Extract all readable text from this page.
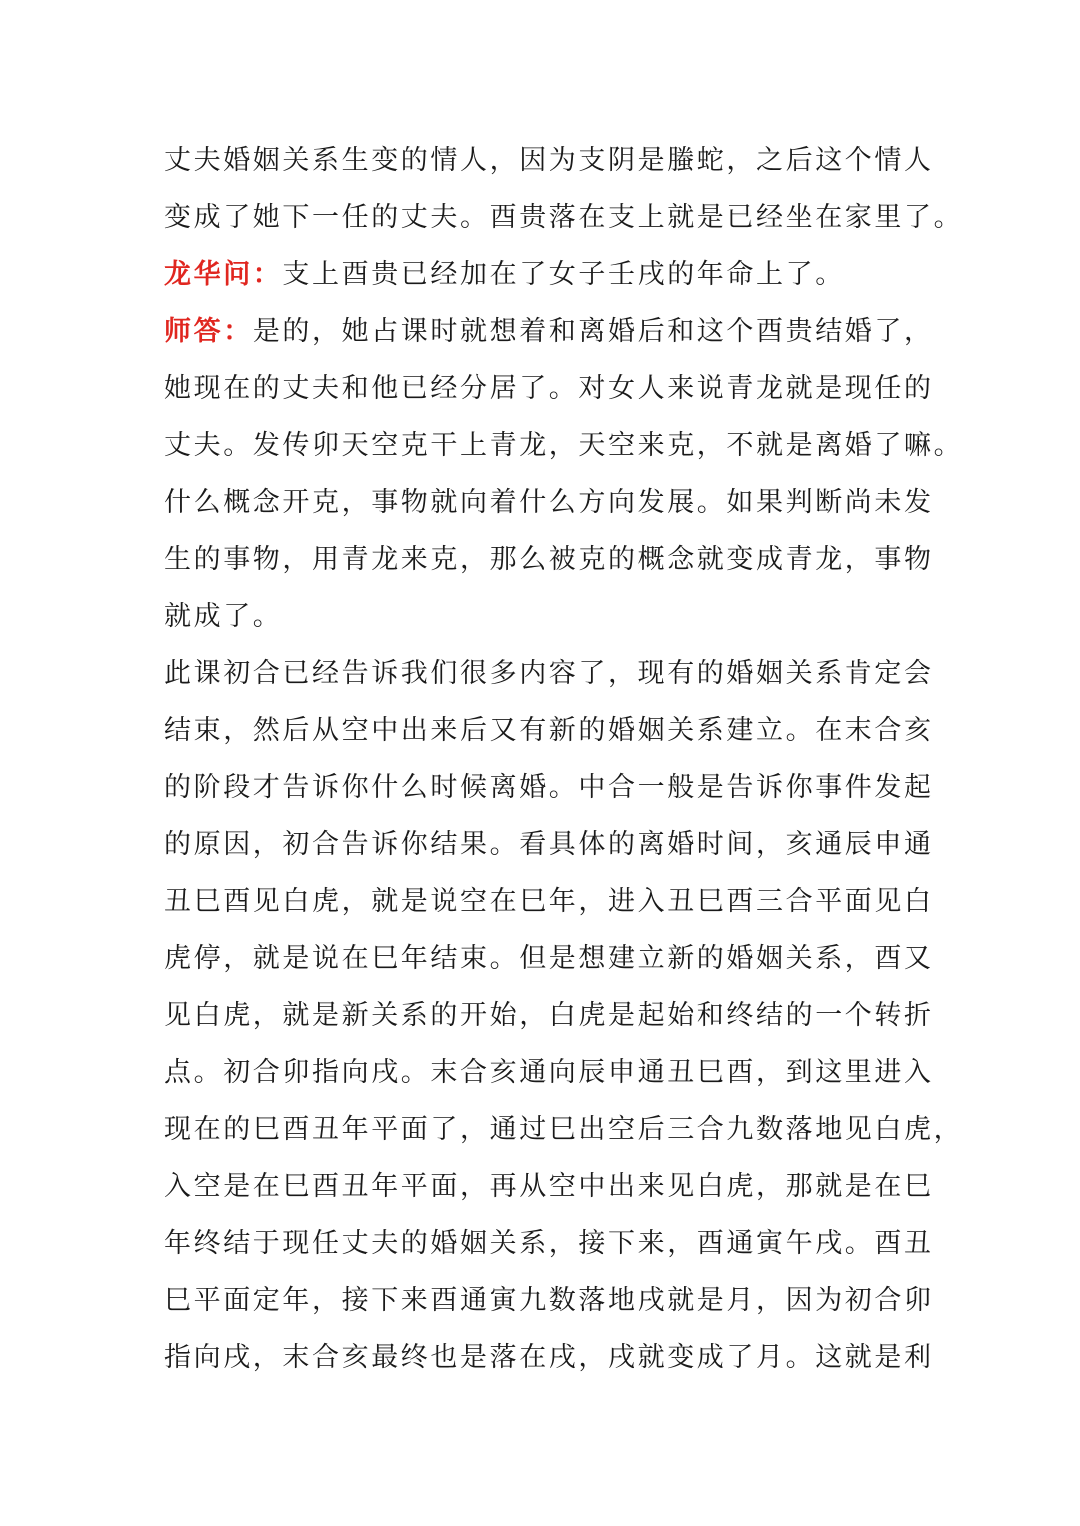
丈夫婚姻关系生变的情人，因为支阴是螣蛇，之后这个情人
变成了她下一任的丈夫。酉贵落在支上就是已经坐在家里了。
龙华问：支上酉贵已经加在了女子壬戌的年命上了。
师答：是的，她占课时就想着和离婚后和这个酉贵结婚了，
她现在的丈夫和他已经分居了。对女人来说青龙就是现任的
丈夫。发传卯天空克干上青龙，天空来克，不就是离婚了嘛。
什么概念开克，事物就向着什么方向发展。如果判断尚未发
生的事物，用青龙来克，那么被克的概念就变成青龙，事物
就成了。
此课初合已经告诉我们很多内容了，现有的婚姻关系肯定会
结束，然后从空中出来后又有新的婚姻关系建立。在末合亥
的阶段才告诉你什么时候离婚。中合一般是告诉你事件发起
的原因，初合告诉你结果。看具体的离婚时间，亥通辰申通
丑巳酉见白虎，就是说空在巳年，进入丑巳酉三合平面见白
虎停，就是说在巳年结束。但是想建立新的婚姻关系，酉又
见白虎，就是新关系的开始，白虎是起始和终结的一个转折
点。初合卯指向戌。末合亥通向辰申通丑巳酉，到这里进入
现在的巳酉丑年平面了，通过巳出空后三合九数落地见白虎，
入空是在巳酉丑年平面，再从空中出来见白虎，那就是在巳
年终结于现任丈夫的婚姻关系，接下来，酉通寅午戌。酉丑
巳平面定年，接下来酉通寅九数落地戌就是月，因为初合卯
指向戌，末合亥最终也是落在戌，戌就变成了月。这就是利
